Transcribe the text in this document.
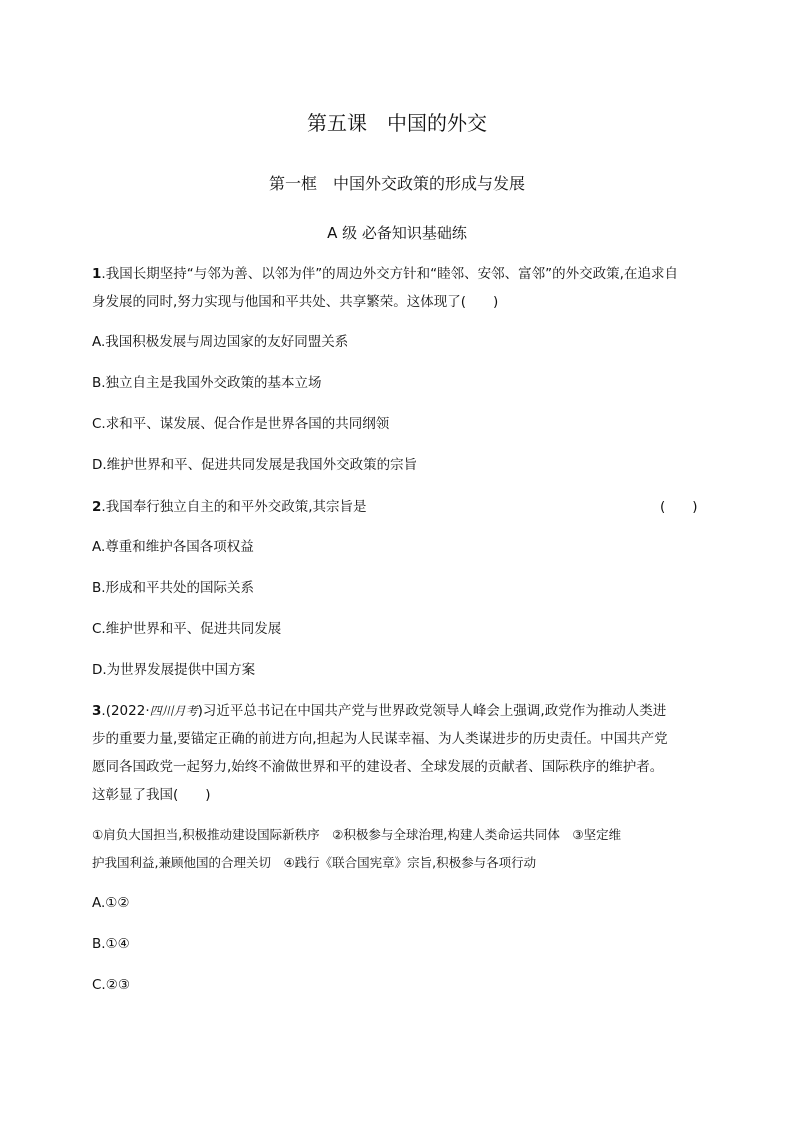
第五课　中国的外交
第一框　中国外交政策的形成与发展
A 级 必备知识基础练
1.我国长期坚持“与邻为善、以邻为伴”的周边外交方针和“睦邻、安邻、富邻”的外交政策,在追求自
身发展的同时,努力实现与他国和平共处、共享繁荣。这体现了(　　)
A.我国积极发展与周边国家的友好同盟关系
B.独立自主是我国外交政策的基本立场
C.求和平、谋发展、促合作是世界各国的共同纲领
D.维护世界和平、促进共同发展是我国外交政策的宗旨
2.我国奉行独立自主的和平外交政策,其宗旨是	(　　)
A.尊重和维护各国各项权益
B.形成和平共处的国际关系
C.维护世界和平、促进共同发展
D.为世界发展提供中国方案
3.(2022·四川月考)习近平总书记在中国共产党与世界政党领导人峰会上强调,政党作为推动人类进
步的重要力量,要锚定正确的前进方向,担起为人民谋幸福、为人类谋进步的历史责任。中国共产党
愿同各国政党一起努力,始终不渝做世界和平的建设者、全球发展的贡献者、国际秩序的维护者。
这彰显了我国(　　)
①肩负大国担当,积极推动建设国际新秩序　②积极参与全球治理,构建人类命运共同体　③坚定维
护我国利益,兼顾他国的合理关切　④践行《联合国宪章》宗旨,积极参与各项行动
A.①②
B.①④
C.②③
